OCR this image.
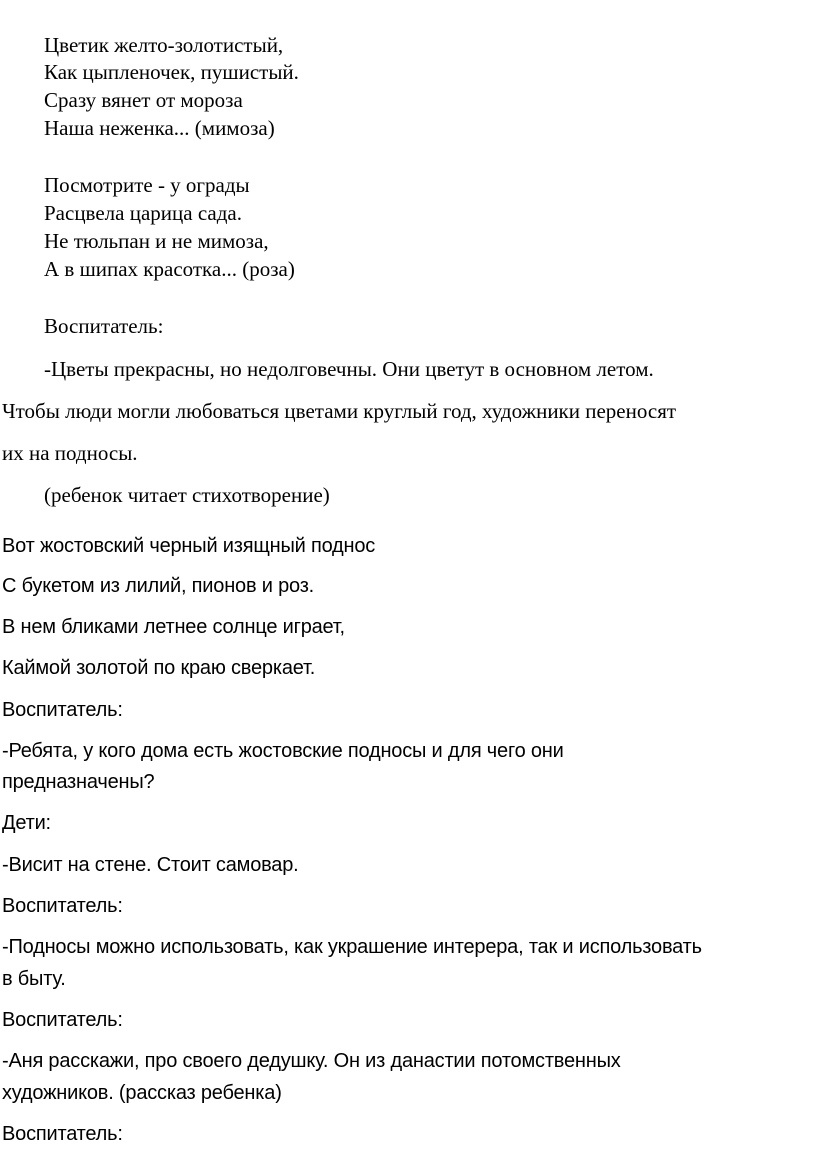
Цветик желто-золотистый,

Как цыпленочек, пушистый.

Сразу вянет от мороза

Наша неженка... (мимоза)

Посмотрите - у ограды

Расцвела царица сада.

Не тюльпан и не мимоза,

А в шипах красотка... (роза)

Воспитатель:

-Цветы прекрасны, но недолговечны. Они цветут в основном летом.

Чтобы люди могли любоваться цветами круглый год, художники переносят

их на подносы.

(ребенок читает стихотворение)

Вот жостовский черный изящный поднос

С букетом из лилий, пионов и роз.

В нем бликами летнее солнце играет,

Каймой золотой по краю сверкает.

Воспитатель:

-Ребята, у кого дома есть жостовские подносы и для чего они

предназначены?

Дети:

-Висит на стене. Стоит самовар.

Воспитатель:

-Подносы можно использовать, как украшение интерера, так и использовать

в быту.

Воспитатель:

-Аня расскажи, про своего дедушку. Он из данастии потомственных

художников. (рассказ ребенка)

Воспитатель:
